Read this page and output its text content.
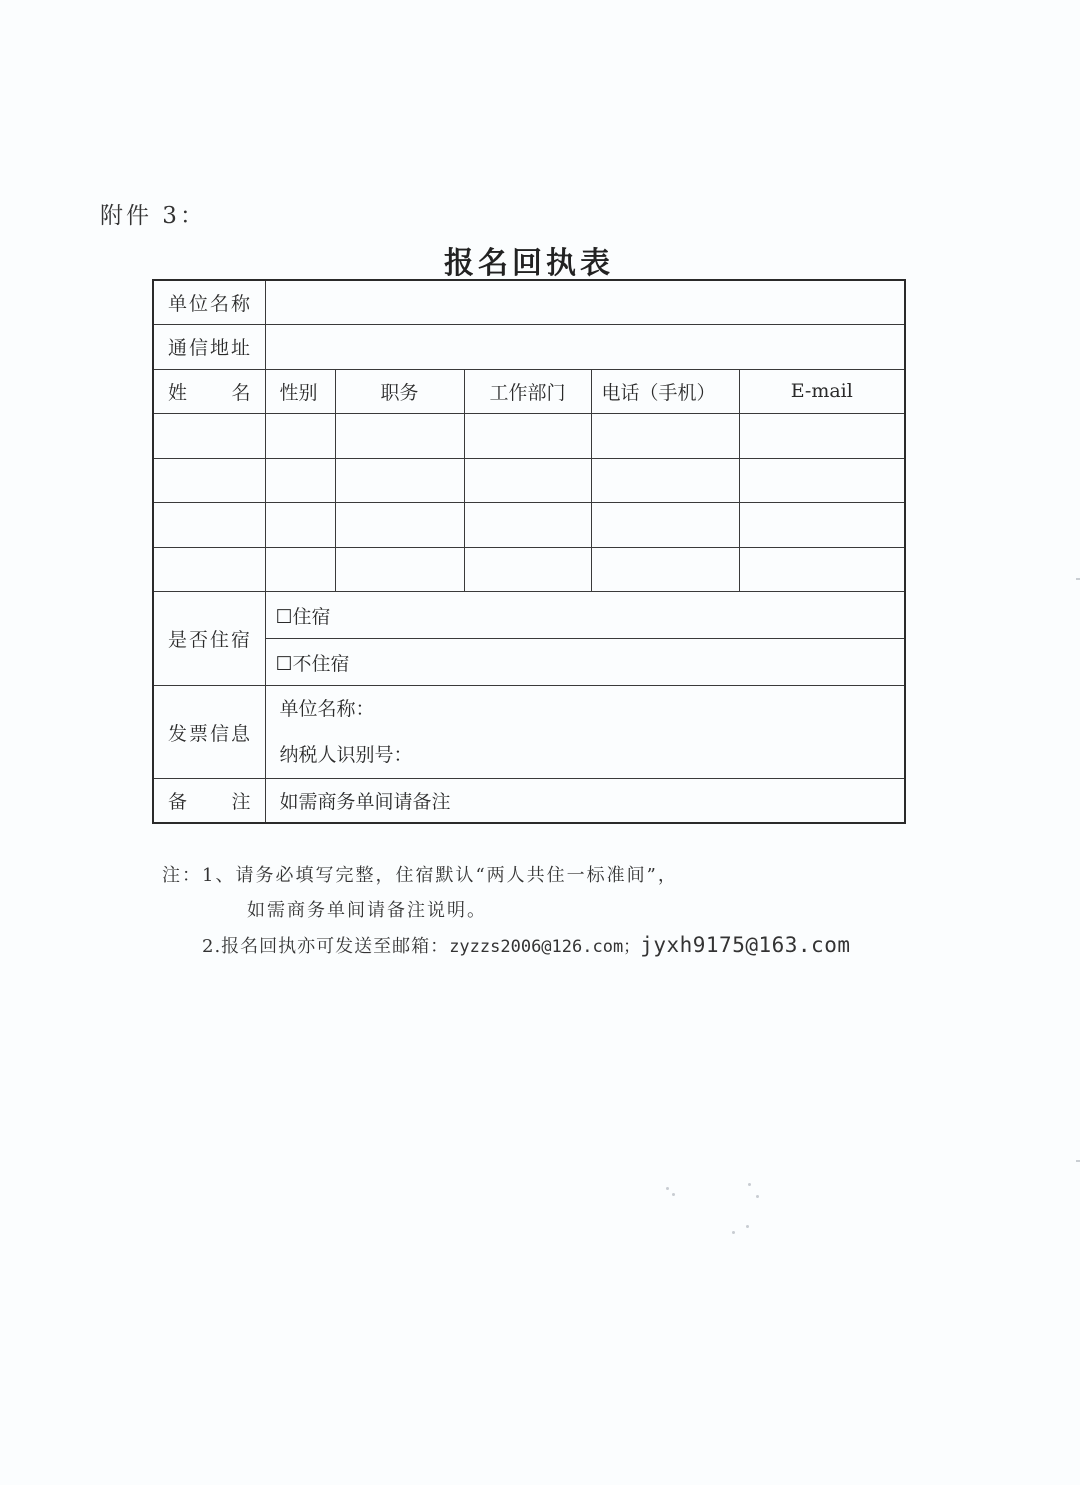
附件 3：
报名回执表
单位名称					
通信地址					

姓 名	性别	职务	工作部门	电话（手机）	E-mail

是否住宿	☐住宿
☐不住宿				

发票信息	单位名称：
纳税人识别号：				

备 注	如需商务单间请备注				
注：1、请务必填写完整，住宿默认“两人共住一标准间”，
如需商务单间请备注说明。
2.报名回执亦可发送至邮箱：zyzzs2006@126.com；jyxh9175@163.com
